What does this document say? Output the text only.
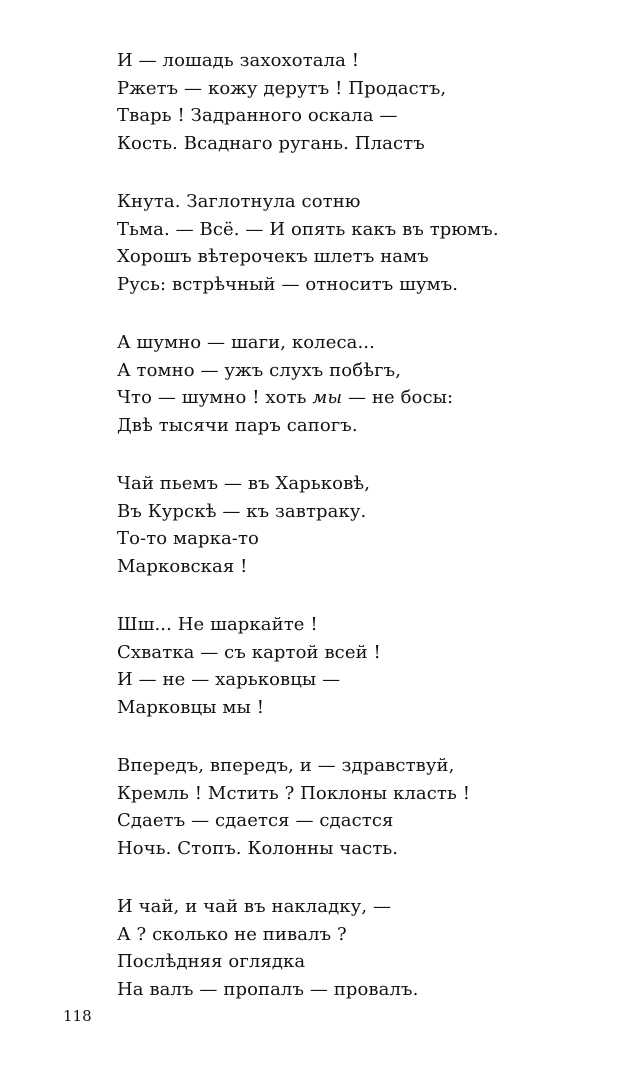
И — лошадь захохотала !
Ржетъ — кожу дерутъ ! Продастъ,
Тварь ! Задранного оскала —
Кость. Всаднаго ругань. Пластъ
Кнута. Заглотнула сотню
Тьма. — Всё. — И опять какъ въ трюмъ.
Хорошъ вѣтерочекъ шлетъ намъ
Русь: встрѣчный — относитъ шумъ.
А шумно — шаги, колеса...
А томно — ужъ слухъ побѣгъ,
Что — шумно ! хоть мы — не босы:
Двѣ тысячи паръ сапогъ.
Чай пьемъ — въ Харьковѣ,
Въ Курскѣ — къ завтраку.
То-то марка-то
Марковская !
Шш... Не шаркайте !
Схватка — съ картой всей !
И — не — харьковцы —
Марковцы мы !
Впередъ, впередъ, и — здравствуй,
Кремль ! Мстить ? Поклоны класть !
Сдаетъ — сдается — сдастся
Ночь. Стопъ. Колонны часть.
И чай, и чай въ накладку, —
А ? сколько не пивалъ ?
Послѣдняя оглядка
На валъ — пропалъ — провалъ.
118
